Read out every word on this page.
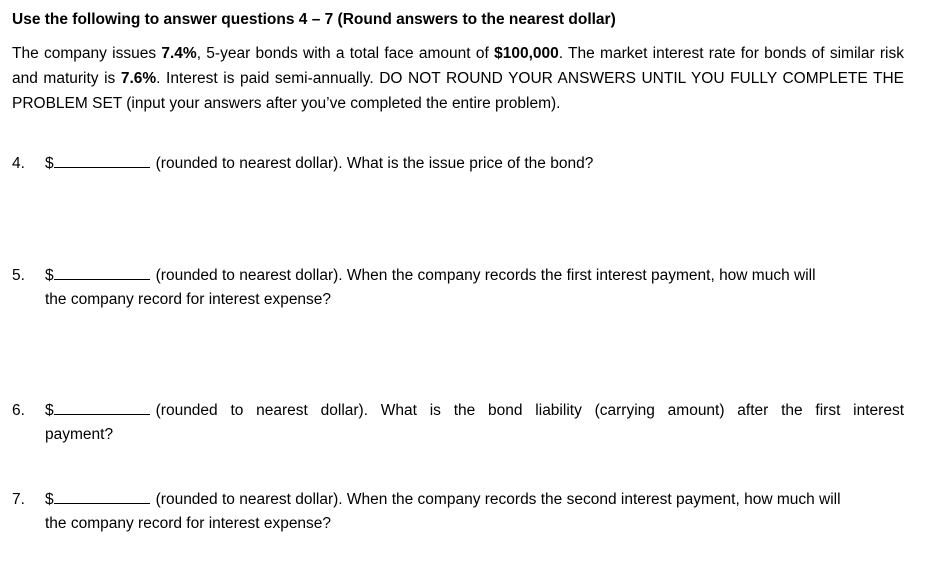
Use the following to answer questions 4 – 7 (Round answers to the nearest dollar)
The company issues 7.4%, 5-year bonds with a total face amount of $100,000. The market interest rate for bonds of similar risk and maturity is 7.6%. Interest is paid semi-annually. DO NOT ROUND YOUR ANSWERS UNTIL YOU FULLY COMPLETE THE PROBLEM SET (input your answers after you’ve completed the entire problem).
4.	$	(rounded to nearest dollar). What is the issue price of the bond?
5.	$	(rounded to nearest dollar). When the company records the first interest payment, how much will
the company record for interest expense?
6.	$	(rounded to nearest dollar). What is the bond liability (carrying amount) after the first interest
payment?
7.	$	(rounded to nearest dollar). When the company records the second interest payment, how much will
the company record for interest expense?
